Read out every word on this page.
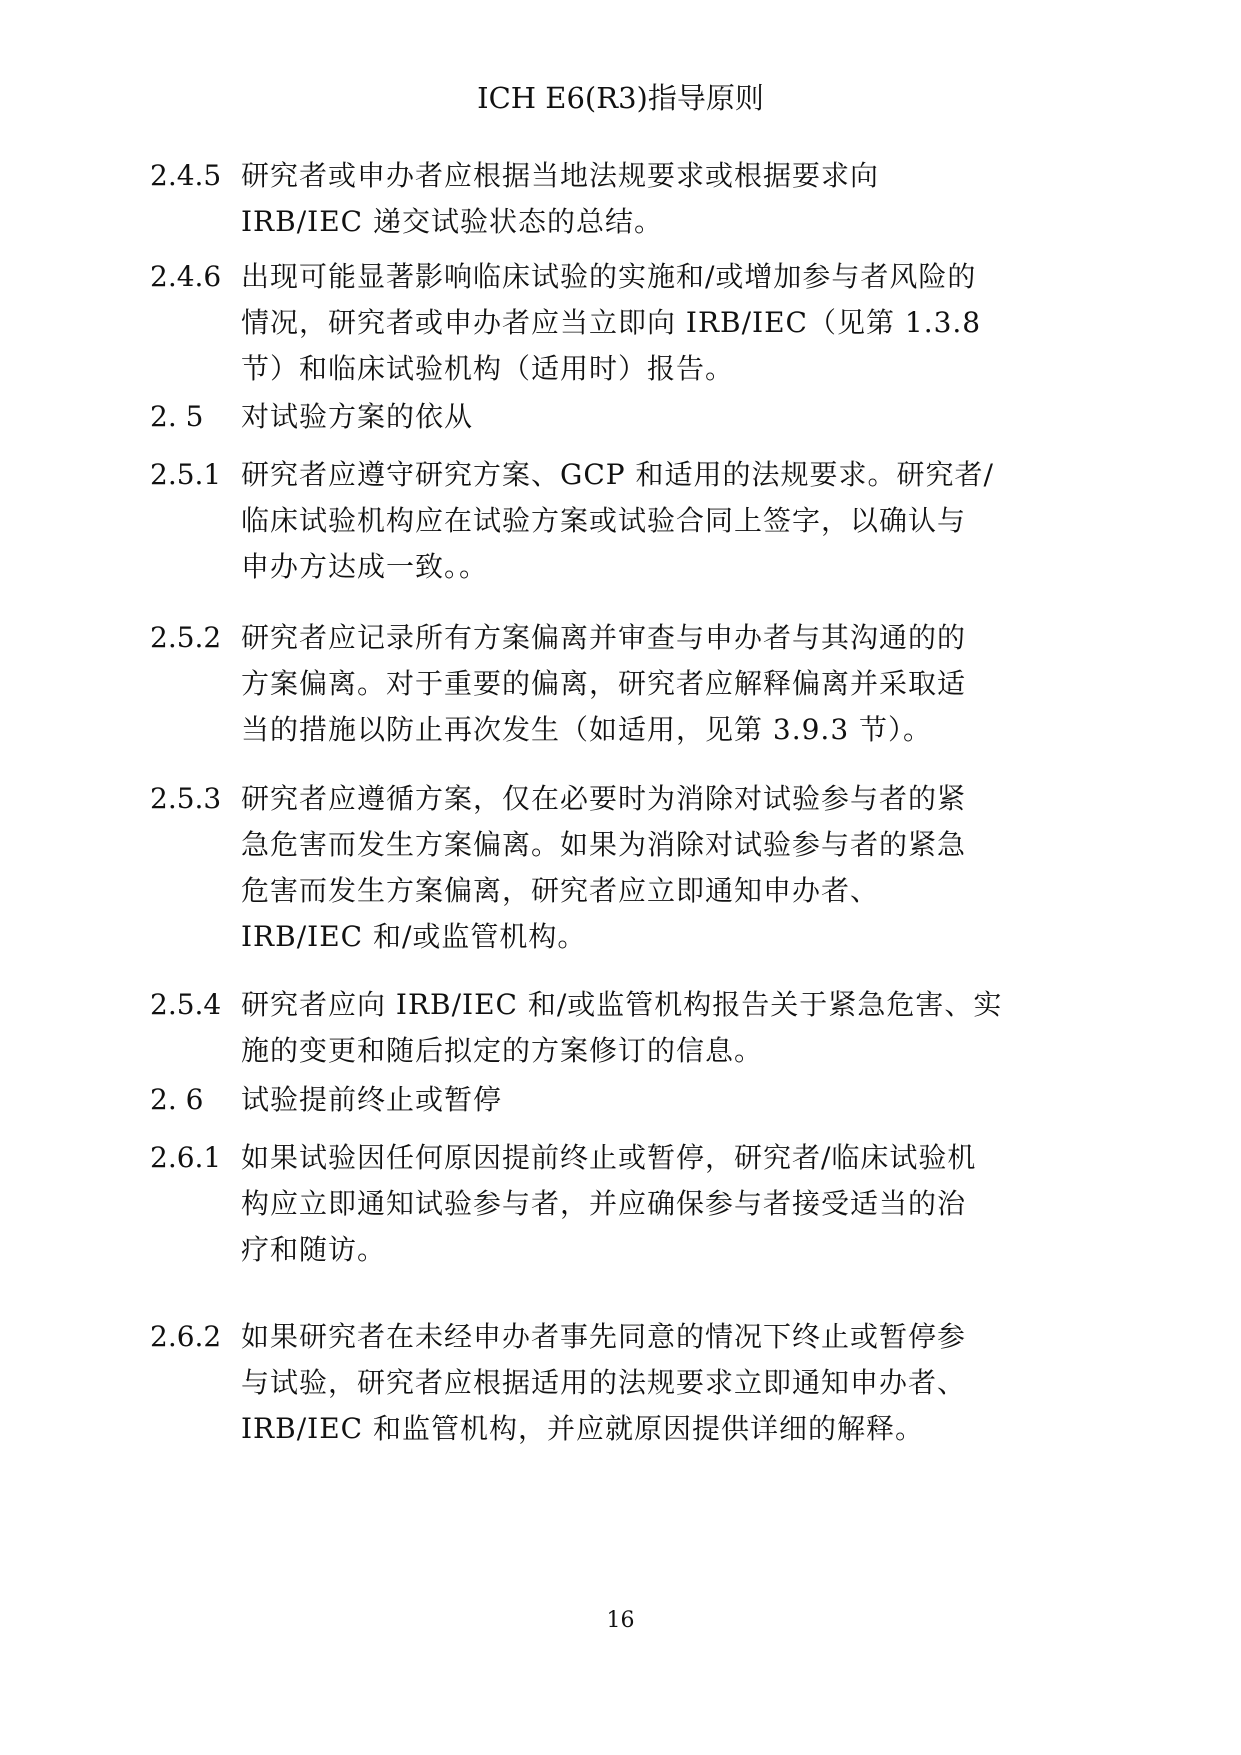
ICH E6(R3)指导原则
2.4.5 研究者或申办者应根据当地法规要求或根据要求向
IRB/IEC 递交试验状态的总结。
2.4.6 出现可能显著影响临床试验的实施和/或增加参与者风险的
情况，研究者或申办者应当立即向 IRB/IEC（见第 1.3.8
节）和临床试验机构（适用时）报告。
2. 5 对试验方案的依从
2.5.1 研究者应遵守研究方案、GCP 和适用的法规要求。研究者/
临床试验机构应在试验方案或试验合同上签字，以确认与
申办方达成一致。。
2.5.2 研究者应记录所有方案偏离并审查与申办者与其沟通的的
方案偏离。对于重要的偏离，研究者应解释偏离并采取适
当的措施以防止再次发生（如适用，见第 3.9.3 节）。
2.5.3 研究者应遵循方案，仅在必要时为消除对试验参与者的紧
急危害而发生方案偏离。如果为消除对试验参与者的紧急
危害而发生方案偏离，研究者应立即通知申办者、
IRB/IEC 和/或监管机构。
2.5.4 研究者应向 IRB/IEC 和/或监管机构报告关于紧急危害、实
施的变更和随后拟定的方案修订的信息。
2. 6 试验提前终止或暂停
2.6.1 如果试验因任何原因提前终止或暂停，研究者/临床试验机
构应立即通知试验参与者，并应确保参与者接受适当的治
疗和随访。
2.6.2 如果研究者在未经申办者事先同意的情况下终止或暂停参
与试验，研究者应根据适用的法规要求立即通知申办者、
IRB/IEC 和监管机构，并应就原因提供详细的解释。
16
